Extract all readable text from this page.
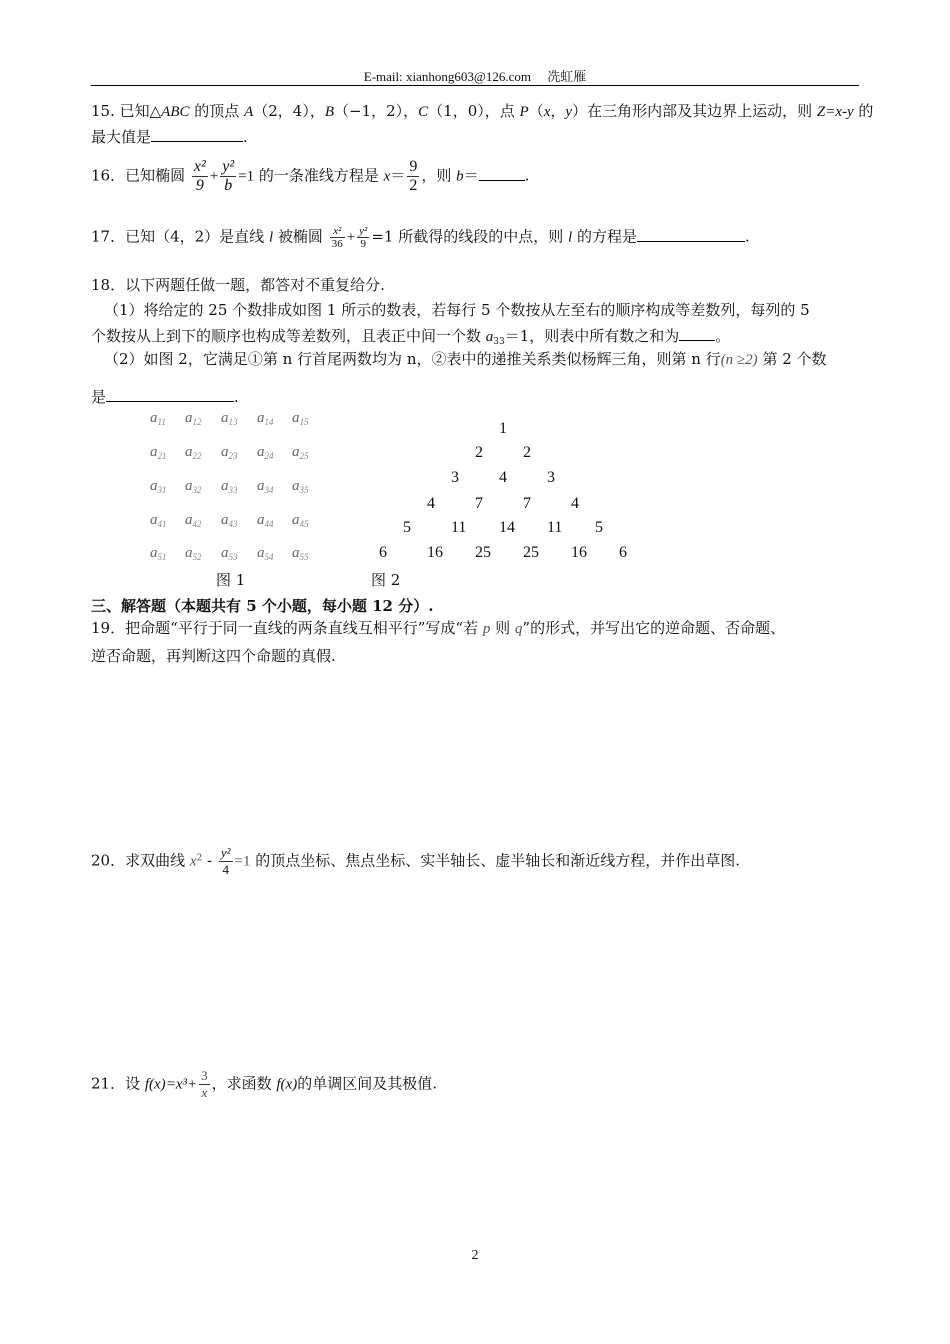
E-mail: xianhong603@126.com　 冼虹雁
15. 已知△ABC 的顶点 A（2，4），B（−1，2），C（1，0），点 P（x，y）在三角形内部及其边界上运动，则 Z=x-y 的
最大值是	.
16．已知椭圆 $\frac{\text{x²}}{9} + \frac{\text{y²}}{b} =1$ 的一条准线方程是 $x= \frac{9}{2}$ ，则 b＝	.
17．已知（4，2）是直线 l 被椭圆 $\frac{\text{x²}}{36} + \frac{\text{y²}}{9} =1$ 所截得的线段的中点，则 l 的方程是	.
18．以下两题任做一题，都答对不重复给分.
（1）将给定的 25 个数排成如图 1 所示的数表，若每行 5 个数按从左至右的顺序构成等差数列，每列的 5
个数按从上到下的顺序也构成等差数列，且表正中间一个数 $a_{33}=1$，则表中所有数之和为 。
（2）如图 2，它满足①第 n 行首尾两数均为 n，②表中的递推关系类似杨辉三角，则第 n 行(n ≥2) 第 2 个数
是	.
$a_{11}$ $a_{12}$ $a_{13}$ $a_{14}$ $a_{15}$
$a_{21}$ $a_{22}$ $a_{23}$ $a_{24}$ $a_{25}$
$a_{31}$ $a_{32}$ $a_{33}$ $a_{34}$ $a_{35}$
$a_{41}$ $a_{42}$ $a_{43}$ $a_{44}$ $a_{45}$
$a_{51}$ $a_{52}$ $a_{53}$ $a_{54}$ $a_{55}$
1
2	2
3	4	3
4	7	7	4
5	11 14 11 5
6	16 25 25 16 6
图 1	图 2
三、解答题（本题共有 5 个小题，每小题 12 分）.
19．把命题“平行于同一直线的两条直线互相平行”写成“若 p 则 q”的形式，并写出它的逆命题、否命题、
逆否命题，再判断这四个命题的真假.
20．求双曲线 $x^2 - \frac{\text{y²}}{4} =1$ 的顶点坐标、焦点坐标、实半轴长、虚半轴长和渐近线方程，并作出草图.
21．设 $f(x)=x^3+ \frac{3}{x}$ ，求函数 f(x)的单调区间及其极值.
2
